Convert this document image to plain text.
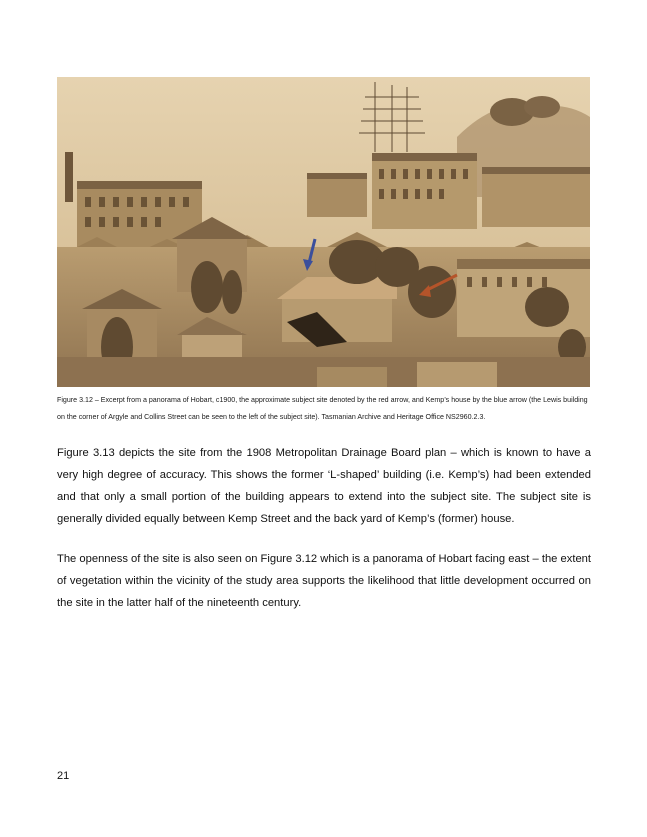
Figure 3.12 – Excerpt from a panorama of Hobart, c1900, the approximate subject site denoted by the red arrow, and Kemp’s house by the blue arrow (the Lewis building on the corner of Argyle and Collins Street can be seen to the left of the subject site). Tasmanian Archive and Heritage Office NS2960.2.3.

Figure 3.13 depicts the site from the 1908 Metropolitan Drainage Board plan – which is known to have a very high degree of accuracy. This shows the former ‘L-shaped’ building (i.e. Kemp’s) had been extended and that only a small portion of the building appears to extend into the subject site. The subject site is generally divided equally between Kemp Street and the back yard of Kemp’s (former) house.

The openness of the site is also seen on Figure 3.12 which is a panorama of Hobart facing east – the extent of vegetation within the vicinity of the study area supports the likelihood that little development occurred on the site in the latter half of the nineteenth century.

21
